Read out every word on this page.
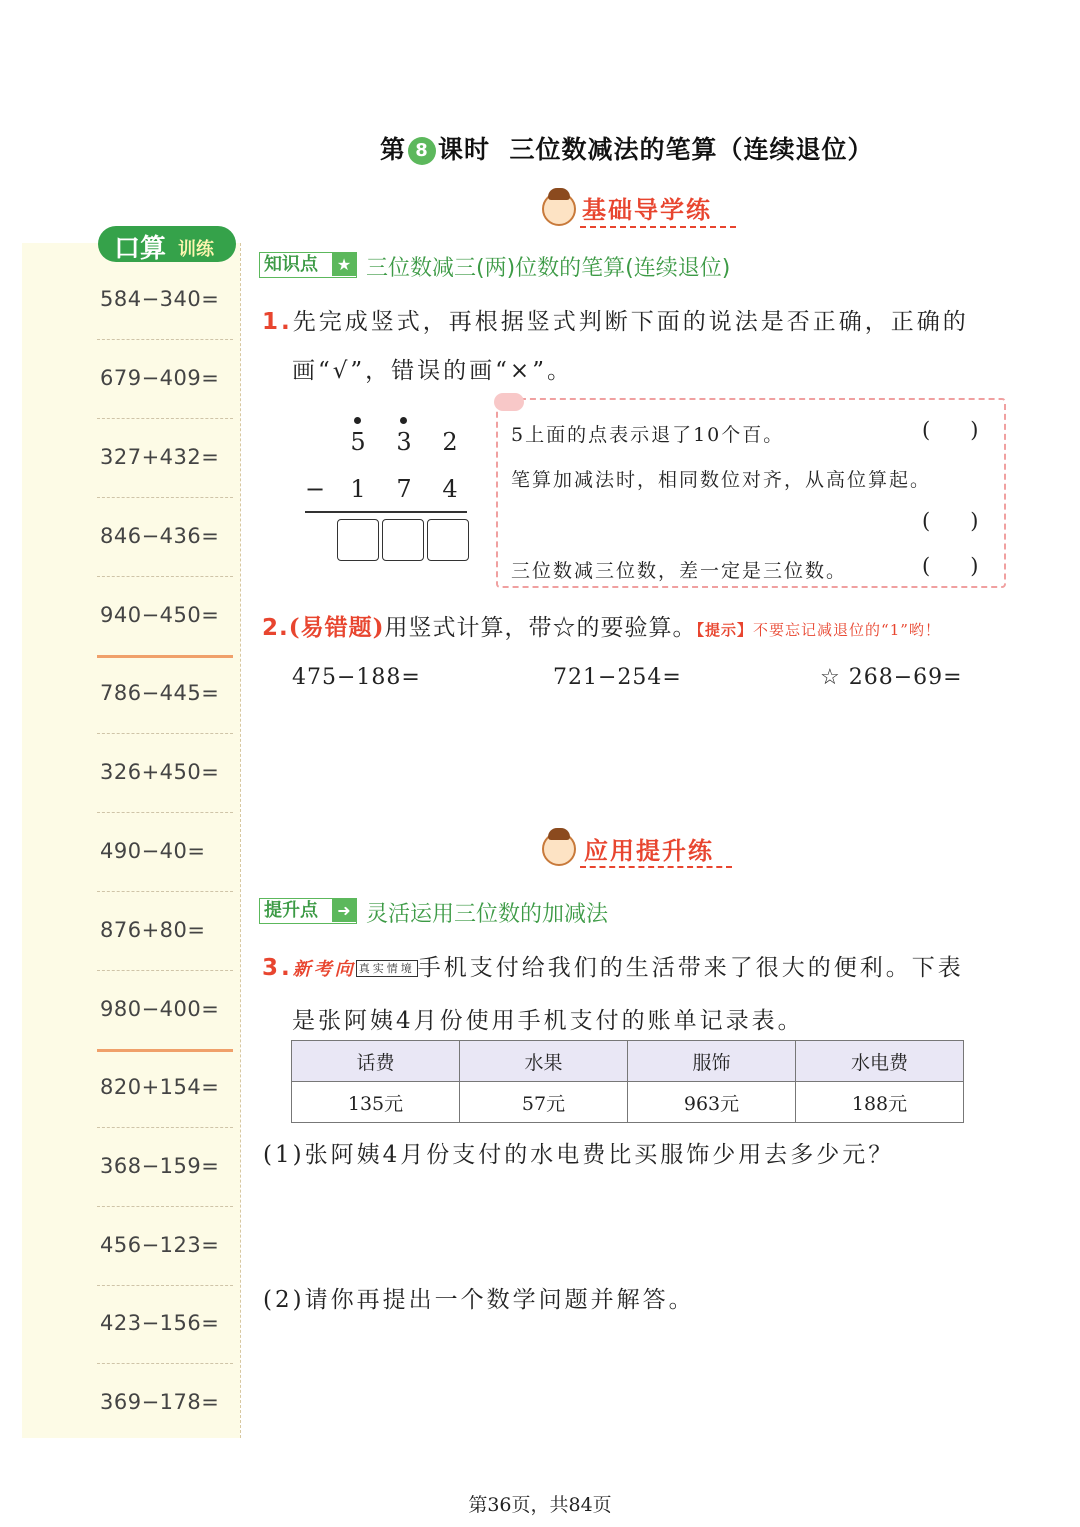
第 8 课时 三位数减法的笔算（连续退位）
基础导学练
口算 训练
584−340=
679−409=
327+432=
846−436=
940−450=
786−445=
326+450=
490−40=
876+80=
980−400=
820+154=
368−159=
456−123=
423−156=
369−178=
知识点	★ 三位数减三(两)位数的笔算(连续退位)
1.先完成竖式，再根据竖式判断下面的说法是否正确，正确的
画“√”，错误的画“×”。
5	3	2
−	1	7	4
5上面的点表示退了10个百。	(      )
笔算加减法时，相同数位对齐，从高位算起。
(      )
三位数减三位数，差一定是三位数。	(      )
2.(易错题)用竖式计算，带☆的要验算。【提示】不要忘记减退位的“1”哟！
475−188=	721−254=	☆ 268−69=
应用提升练
提升点	➜ 灵活运用三位数的加减法
3.新考向 真实情境 手机支付给我们的生活带来了很大的便利。下表
是张阿姨4月份使用手机支付的账单记录表。
话费	水果	服饰	水电费
135元	57元	963元	188元
(1)张阿姨4月份支付的水电费比买服饰少用去多少元？
(2)请你再提出一个数学问题并解答。
第36页，共84页
